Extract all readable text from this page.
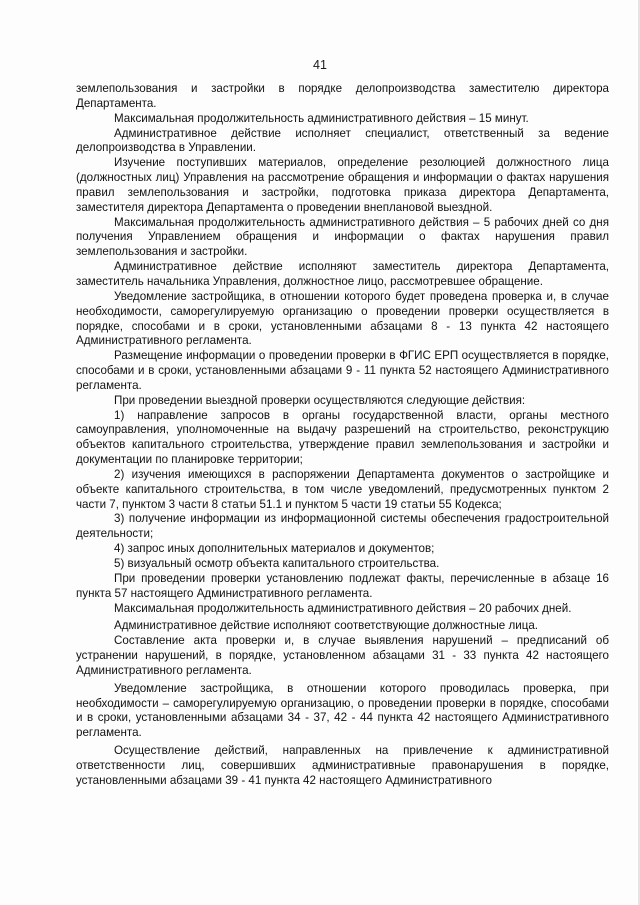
41

землепользования и застройки в порядке делопроизводства заместителю директора Департамента.

Максимальная продолжительность административного действия – 15 минут.

Административное действие исполняет специалист, ответственный за ведение делопроизводства в Управлении.

Изучение поступивших материалов, определение резолюцией должностного лица (должностных лиц) Управления на рассмотрение обращения и информации о фактах нарушения правил землепользования и застройки, подготовка приказа директора Департамента, заместителя директора Департамента о проведении внеплановой выездной.

Максимальная продолжительность административного действия – 5 рабочих дней со дня получения Управлением обращения и информации о фактах нарушения правил землепользования и застройки.

Административное действие исполняют заместитель директора Департамента, заместитель начальника Управления, должностное лицо, рассмотревшее обращение.

Уведомление застройщика, в отношении которого будет проведена проверка и, в случае необходимости, саморегулируемую организацию о проведении проверки осуществляется в порядке, способами и в сроки, установленными абзацами 8 - 13 пункта 42 настоящего Административного регламента.

Размещение информации о проведении проверки в ФГИС ЕРП осуществляется в порядке, способами и в сроки, установленными абзацами 9 - 11 пункта 52 настоящего Административного регламента.

При проведении выездной проверки осуществляются следующие действия:

1) направление запросов в органы государственной власти, органы местного самоуправления, уполномоченные на выдачу разрешений на строительство, реконструкцию объектов капитального строительства, утверждение правил землепользования и застройки и документации по планировке территории;

2) изучения имеющихся в распоряжении Департамента документов о застройщике и объекте капитального строительства, в том числе уведомлений, предусмотренных пунктом 2 части 7, пунктом 3 части 8 статьи 51.1 и пунктом 5 части 19 статьи 55 Кодекса;

3) получение информации из информационной системы обеспечения градостроительной деятельности;

4) запрос иных дополнительных материалов и документов;

5) визуальный осмотр объекта капитального строительства.

При проведении проверки установлению подлежат факты, перечисленные в абзаце 16 пункта 57 настоящего Административного регламента.

Максимальная продолжительность административного действия – 20 рабочих дней.

Административное действие исполняют соответствующие должностные лица.

Составление акта проверки и, в случае выявления нарушений – предписаний об устранении нарушений, в порядке, установленном абзацами 31 - 33 пункта 42 настоящего Административного регламента.

Уведомление застройщика, в отношении которого проводилась проверка, при необходимости – саморегулируемую организацию, о проведении проверки в порядке, способами и в сроки, установленными абзацами 34 - 37, 42 - 44 пункта 42 настоящего Административного регламента.

Осуществление действий, направленных на привлечение к административной ответственности лиц, совершивших административные правонарушения в порядке, установленными абзацами 39 - 41 пункта 42 настоящего Административного
